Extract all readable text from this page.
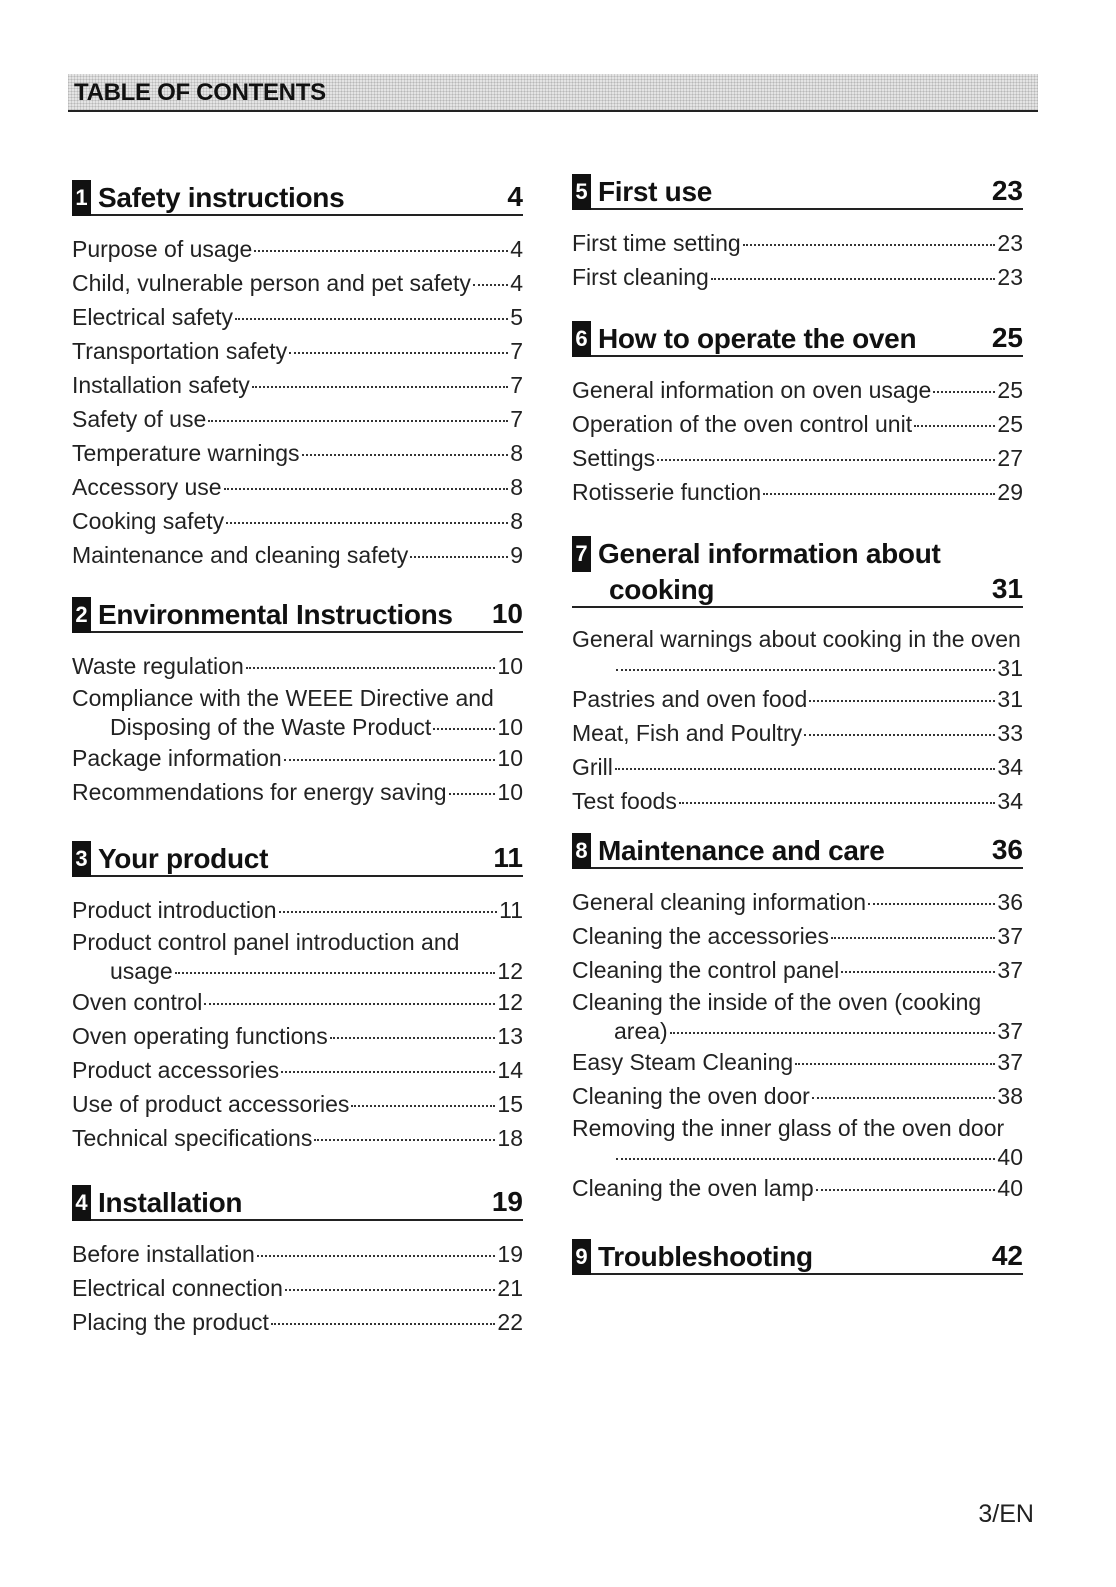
TABLE OF CONTENTS
1 Safety instructions	4
Purpose of usage	4
Child, vulnerable person and pet safety 4
Electrical safety	5
Transportation safety	7
Installation safety	7
Safety of use	7
Temperature warnings	8
Accessory use	8
Cooking safety	8
Maintenance and cleaning safety	9
2 Environmental Instructions 10
Waste regulation	10
Compliance with the WEEE Directive and
Disposing of the Waste Product	10
Package information	10
Recommendations for energy saving 10
3 Your product	11
Product introduction	11
Product control panel introduction and
usage	12
Oven control	12
Oven operating functions	13
Product accessories	14
Use of product accessories	15
Technical specifications	18
4 Installation	19
Before installation	19
Electrical connection	21
Placing the product	22
5 First use	23
First time setting	23
First cleaning	23
6 How to operate the oven	25
General information on oven usage	25
Operation of the oven control unit	25
Settings	27
Rotisserie function	29
7 General information about
cooking	31
General warnings about cooking in the oven
31
Pastries and oven food	31
Meat, Fish and Poultry	33
Grill	34
Test foods	34
8 Maintenance and care	36
General cleaning information	36
Cleaning the accessories	37
Cleaning the control panel	37
Cleaning the inside of the oven (cooking
area)	37
Easy Steam Cleaning	37
Cleaning the oven door	38
Removing the inner glass of the oven door
40
Cleaning the oven lamp	40
9 Troubleshooting	42
3/EN
